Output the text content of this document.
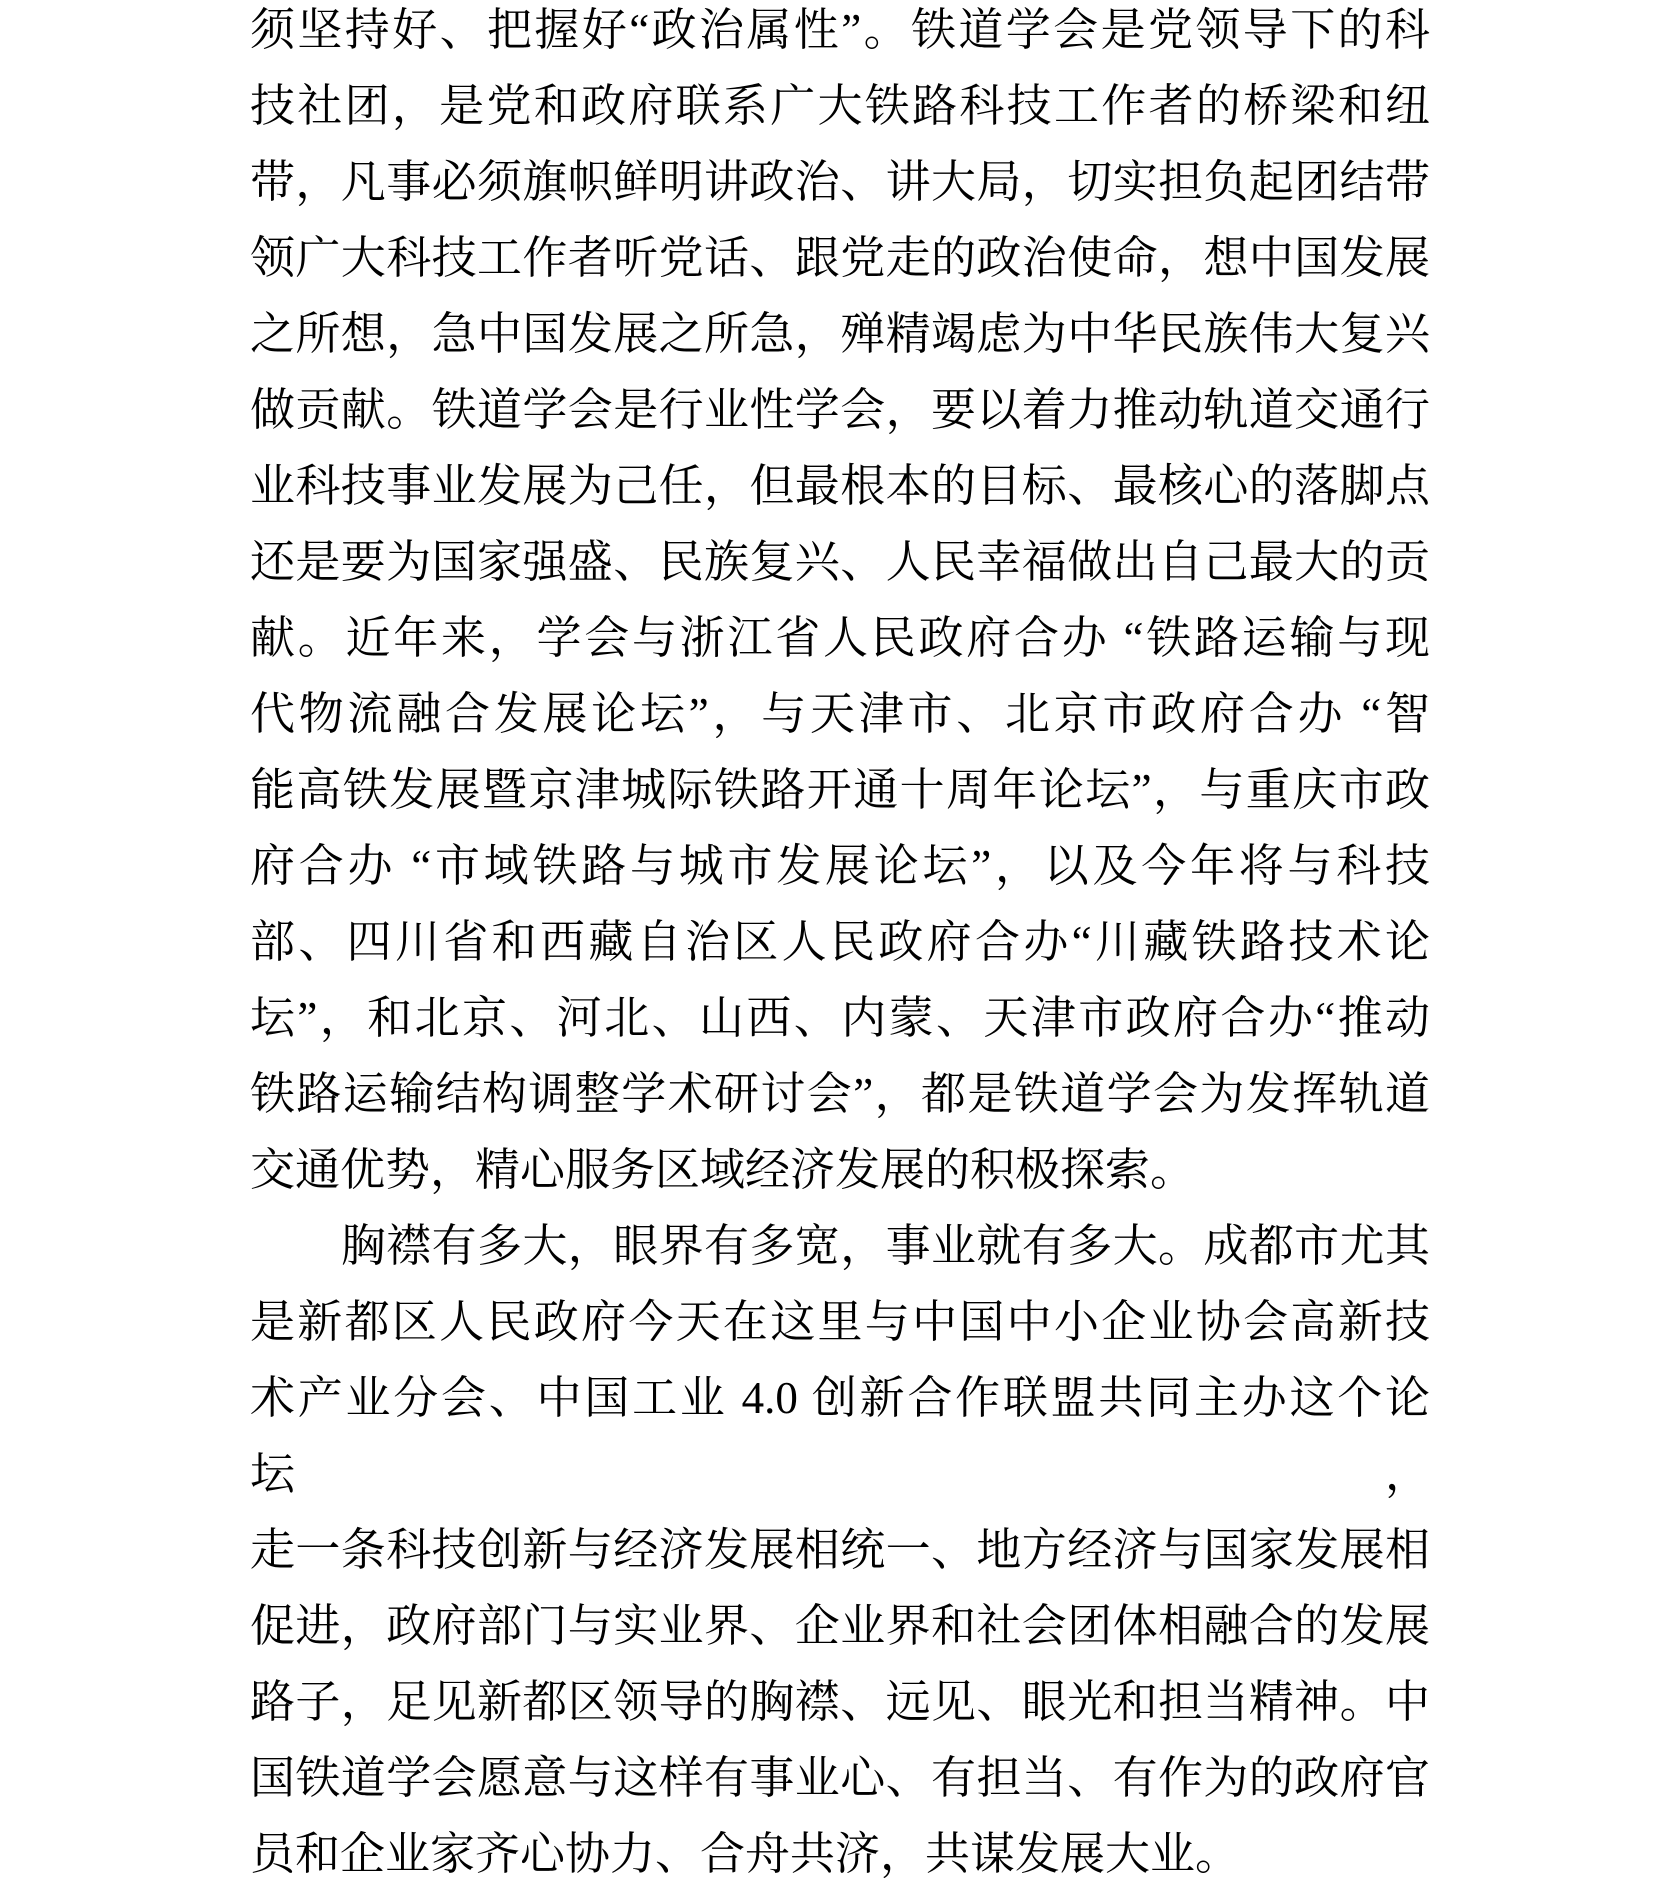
须坚持好、把握好“政治属性”。铁道学会是党领导下的科
技社团，是党和政府联系广大铁路科技工作者的桥梁和纽
带，凡事必须旗帜鲜明讲政治、讲大局，切实担负起团结带
领广大科技工作者听党话、跟党走的政治使命，想中国发展
之所想，急中国发展之所急，殚精竭虑为中华民族伟大复兴
做贡献。铁道学会是行业性学会，要以着力推动轨道交通行
业科技事业发展为己任，但最根本的目标、最核心的落脚点
还是要为国家强盛、民族复兴、人民幸福做出自己最大的贡
献。近年来，学会与浙江省人民政府合办 “铁路运输与现
代物流融合发展论坛”，与天津市、北京市政府合办 “智
能高铁发展暨京津城际铁路开通十周年论坛”，与重庆市政
府合办 “市域铁路与城市发展论坛”，以及今年将与科技
部、四川省和西藏自治区人民政府合办“川藏铁路技术论
坛”，和北京、河北、山西、内蒙、天津市政府合办“推动
铁路运输结构调整学术研讨会”，都是铁道学会为发挥轨道
交通优势，精心服务区域经济发展的积极探索。
　　胸襟有多大，眼界有多宽，事业就有多大。成都市尤其
是新都区人民政府今天在这里与中国中小企业协会高新技
术产业分会、中国工业 4.0 创新合作联盟共同主办这个论坛，
走一条科技创新与经济发展相统一、地方经济与国家发展相
促进，政府部门与实业界、企业界和社会团体相融合的发展
路子，足见新都区领导的胸襟、远见、眼光和担当精神。中
国铁道学会愿意与这样有事业心、有担当、有作为的政府官
员和企业家齐心协力、合舟共济，共谋发展大业。
